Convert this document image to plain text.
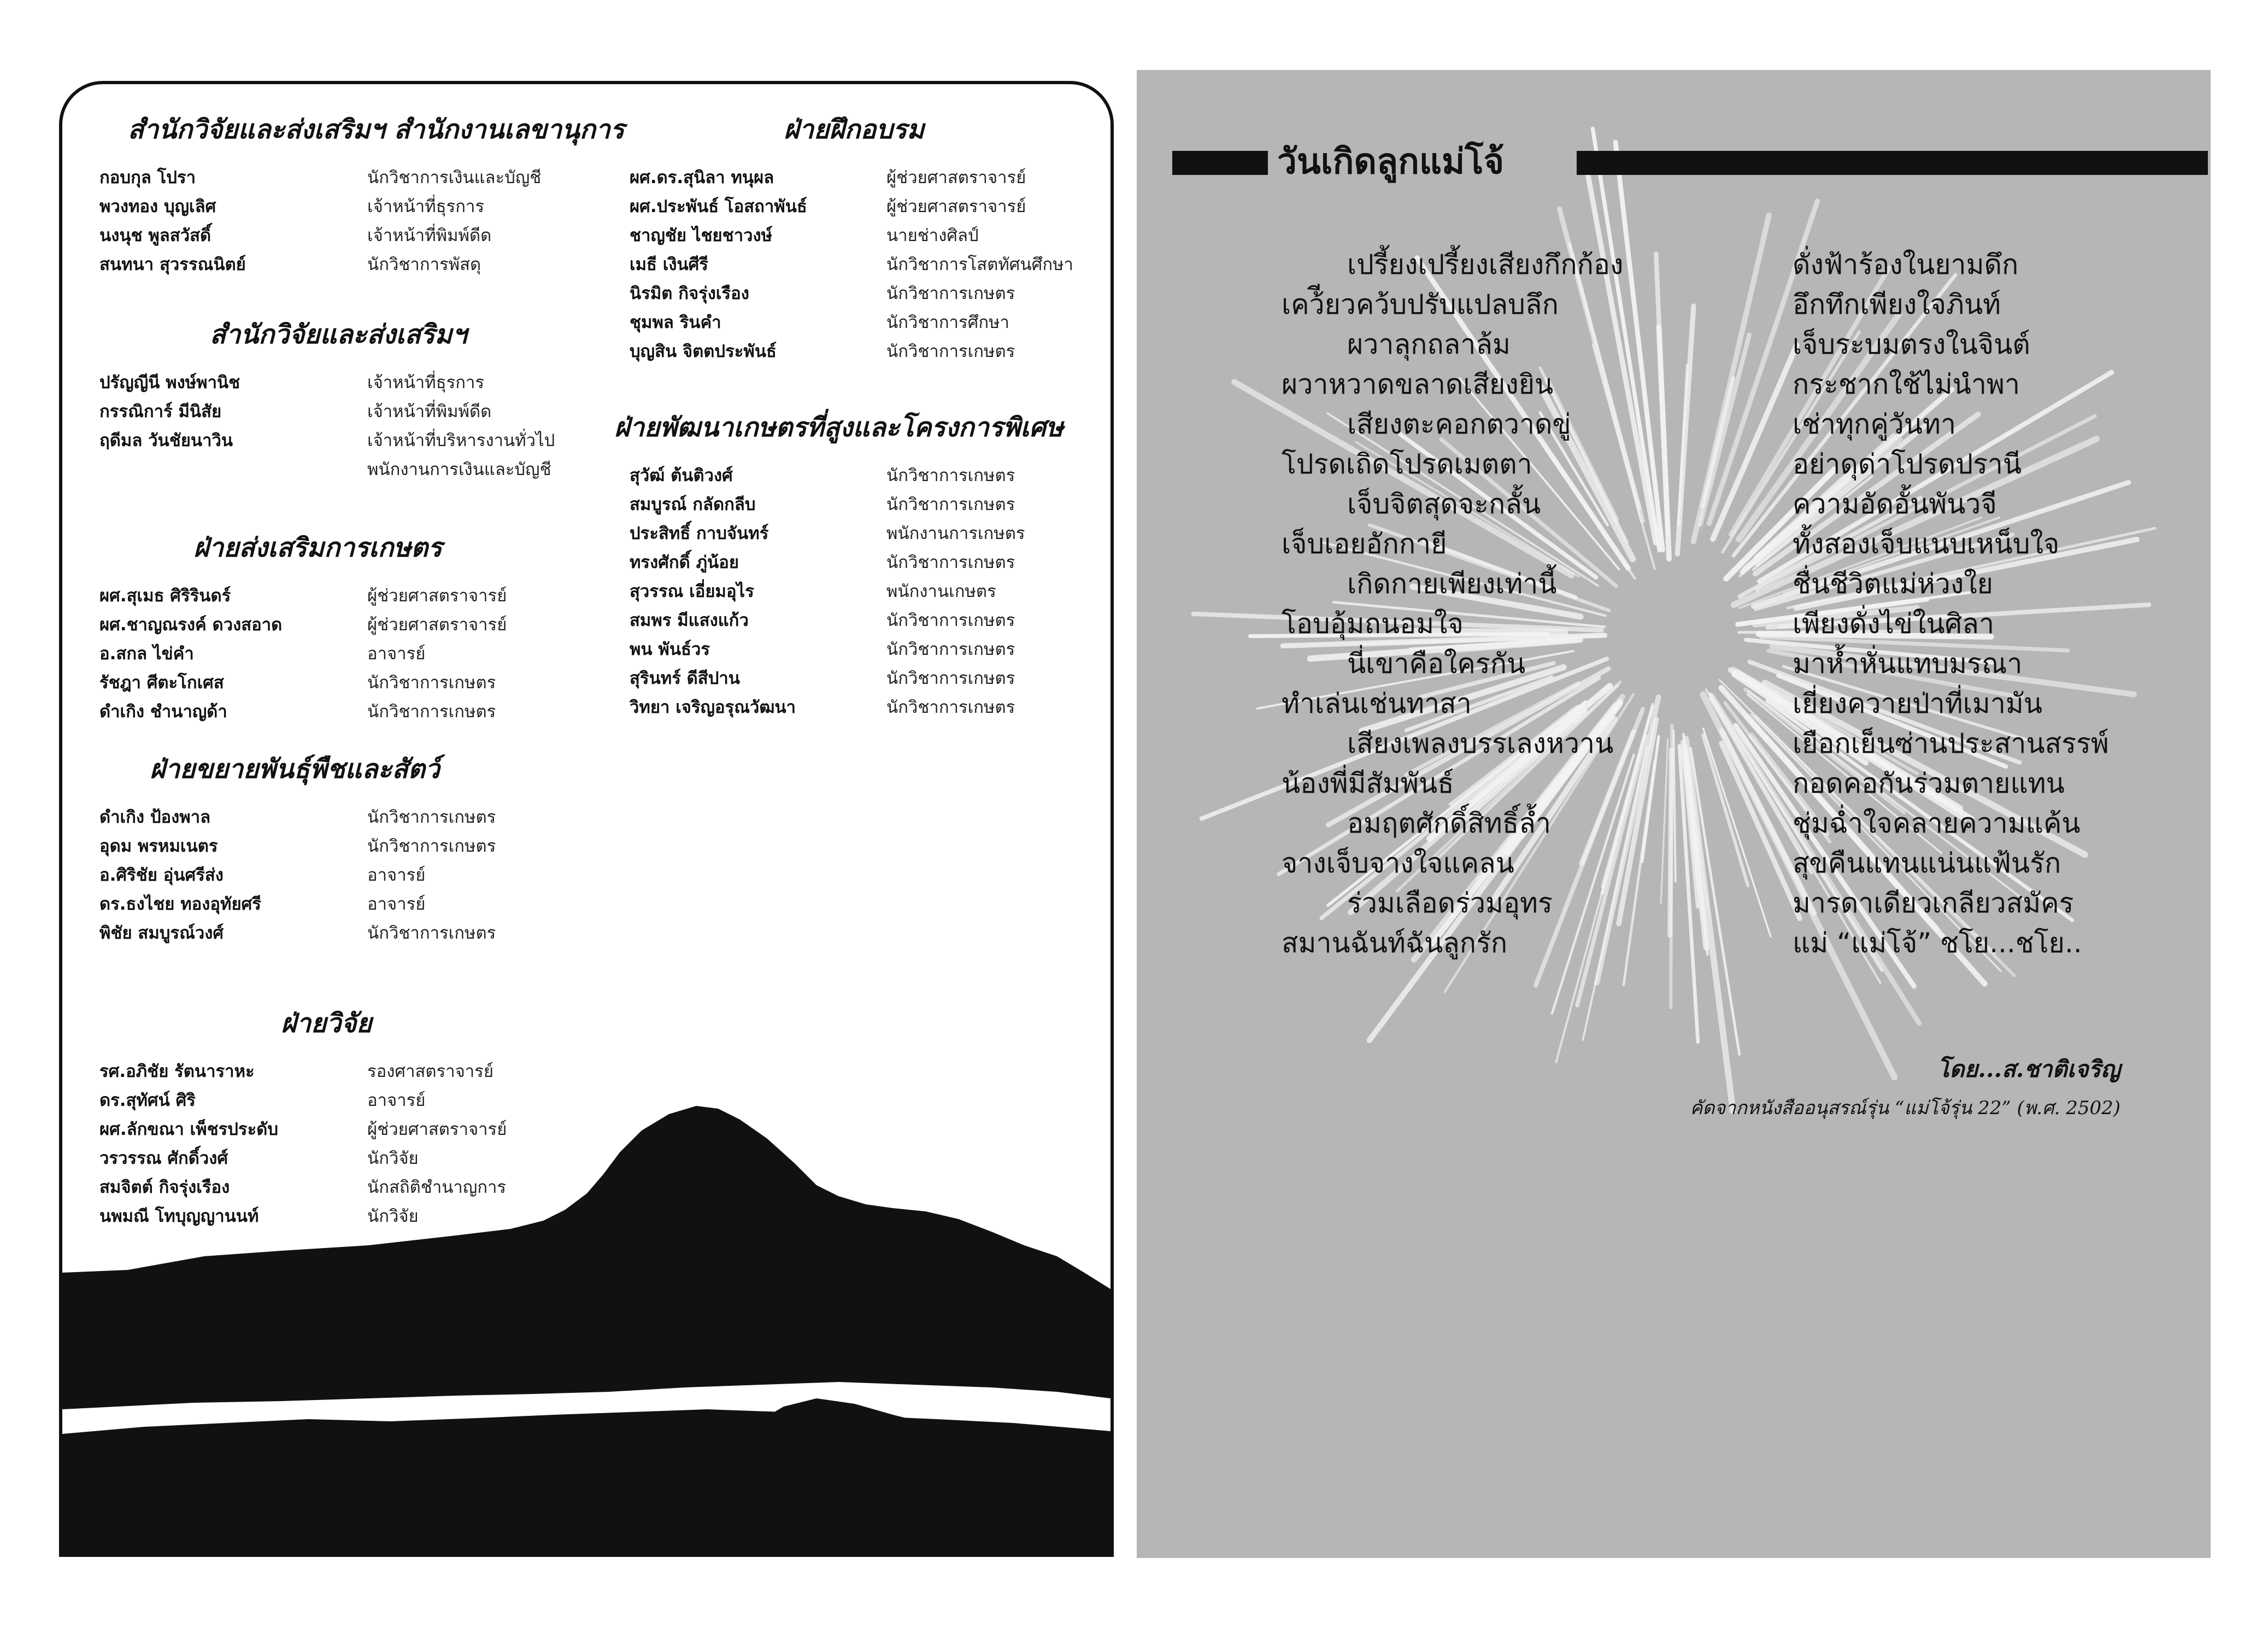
สำนักวิจัยและส่งเสริมฯ สำนักงานเลขานุการ
กอบกุล โปรา	นักวิชาการเงินและบัญชี
พวงทอง บุญเลิศ	เจ้าหน้าที่ธุรการ
นงนุช พูลสวัสดิ์	เจ้าหน้าที่พิมพ์ดีด
สนทนา สุวรรณนิตย์	นักวิชาการพัสดุ
สำนักวิจัยและส่งเสริมฯ
ปรัญญีนี พงษ์พานิช	เจ้าหน้าที่ธุรการ
กรรณิการ์ มีนิสัย	เจ้าหน้าที่พิมพ์ดีด
ฤดีมล วันชัยนาวิน	เจ้าหน้าที่บริหารงานทั่วไป
พนักงานการเงินและบัญชี
ฝ่ายส่งเสริมการเกษตร
ผศ.สุเมธ ศิริรินดร์	ผู้ช่วยศาสตราจารย์
ผศ.ชาญณรงค์ ดวงสอาด	ผู้ช่วยศาสตราจารย์
อ.สกล ไข่คำ	อาจารย์
รัชฎา ศีตะโกเศส	นักวิชาการเกษตร
ดำเกิง ชำนาญด้า	นักวิชาการเกษตร
ฝ่ายขยายพันธุ์พืชและสัตว์
ดำเกิง ป้องพาล	นักวิชาการเกษตร
อุดม พรหมเนตร	นักวิชาการเกษตร
อ.ศิริชัย อุ่นศรีส่ง	อาจารย์
ดร.ธงไชย ทองอุทัยศรี	อาจารย์
พิชัย สมบูรณ์วงศ์	นักวิชาการเกษตร
ฝ่ายวิจัย
รศ.อภิชัย รัตนาราหะ	รองศาสตราจารย์
ดร.สุทัศน์ ศิริ	อาจารย์
ผศ.ลักขณา เพ็ชรประดับ	ผู้ช่วยศาสตราจารย์
วรวรรณ ศักดิ์วงศ์	นักวิจัย
สมจิตต์ กิจรุ่งเรือง	นักสถิติชำนาญการ
นพมณี โทบุญญานนท์	นักวิจัย
ฝ่ายฝึกอบรม
ผศ.ดร.สุนิลา ทนุผล	ผู้ช่วยศาสตราจารย์
ผศ.ประพันธ์ โอสถาพันธ์	ผู้ช่วยศาสตราจารย์
ชาญชัย ไชยชาวงษ์	นายช่างศิลป์
เมธี เงินศีรี	นักวิชาการโสตทัศนศึกษา
นิรมิต กิจรุ่งเรือง	นักวิชาการเกษตร
ชุมพล รินคำ	นักวิชาการศึกษา
บุญสิน จิตตประพันธ์	นักวิชาการเกษตร
ฝ่ายพัฒนาเกษตรที่สูงและโครงการพิเศษ
สุวัฒ์ ต้นติวงศ์	นักวิชาการเกษตร
สมบูรณ์ กลัดกลีบ	นักวิชาการเกษตร
ประสิทธิ์ กาบจันทร์	พนักงานการเกษตร
ทรงศักดิ์ ภู่น้อย	นักวิชาการเกษตร
สุวรรณ เอี่ยมอุไร	พนักงานเกษตร
สมพร มีแสงแก้ว	นักวิชาการเกษตร
พน พันธ์วร	นักวิชาการเกษตร
สุรินทร์ ดีสีปาน	นักวิชาการเกษตร
วิทยา เจริญอรุณวัฒนา	นักวิชาการเกษตร
วันเกิดลูกแม่โจ้
เปรี้ยงเปรี้ยงเสียงกึกก้อง
เคว้ียวคว้บปรับแปลบลึก
ผวาลุกถลาล้ม
ผวาหวาดขลาดเสียงยิน
เสียงตะคอกตวาดขู่
โปรดเถิดโปรดเมตตา
เจ็บจิตสุดจะกลั้น
เจ็บเอยอักกายี
เกิดกายเพียงเท่านี้
โอบอุ้มถนอมใจ
นี่เขาคือใครกัน
ทำเล่นเช่นทาสา
เสียงเพลงบรรเลงหวาน
น้องพี่มีสัมพันธ์
อมฤตศักดิ์สิทธิ์ล้ำ
จางเจ็บจางใจแคลน
ร่วมเลือดร่วมอุทร
สมานฉันท์ฉันลูกรัก
ดั่งฟ้าร้องในยามดึก
อึกทึกเพียงใจภินท์
เจ็บระบมตรงในจินต์
กระชากใช้ไม่นำพา
เช่าทุกคู่วันทา
อย่าดุด่าโปรดปรานี
ความอัดอั้นพันวจี
ทั้งสองเจ็บแนบเหน็บใจ
ชื่นชีวิตแม่ห่วงใย
เพียงดั่งไข่ในศิลา
มาห้ำหั่นแทบมรณา
เยี่ยงควายป่าที่เมามัน
เยือกเย็นซ่านประสานสรรพ์
กอดคอกันร่วมตายแทน
ชุ่มฉ่ำใจคลายความแค้น
สุขคืนแทนแน่นแฟ้นรัก
มารดาเดียวเกลียวสมัคร
แม่ “แม่โจ้” ชโย...ชโย..
โดย...ส.ชาติเจริญ
คัดจากหนังสืออนุสรณ์รุ่น “แม่โจ้รุ่น 22” (พ.ศ. 2502)
